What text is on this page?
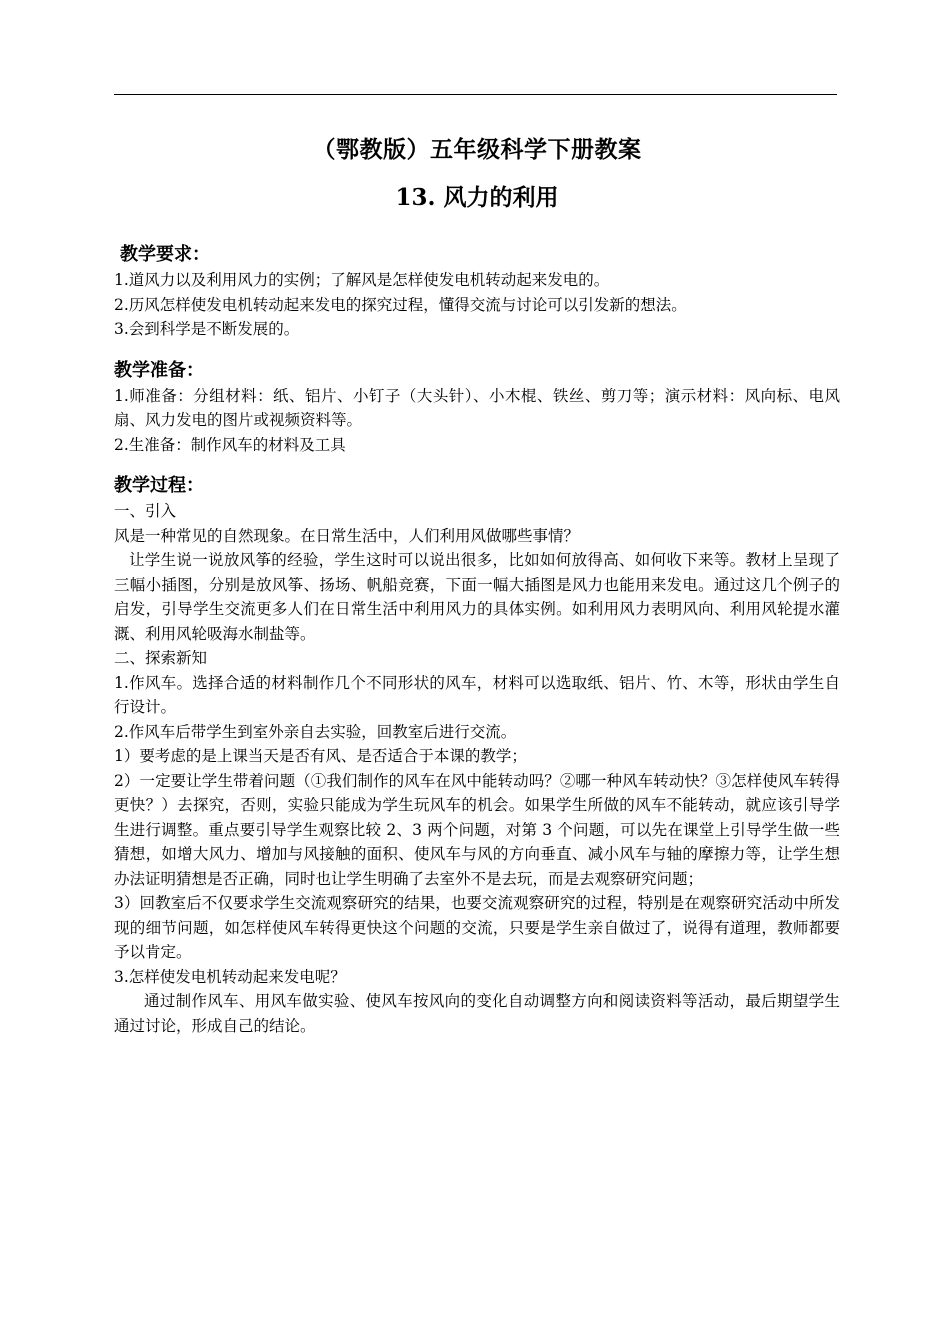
（鄂教版）五年级科学下册教案
13. 风力的利用
教学要求：

1.道风力以及利用风力的实例；了解风是怎样使发电机转动起来发电的。

2.历风怎样使发电机转动起来发电的探究过程，懂得交流与讨论可以引发新的想法。

3.会到科学是不断发展的。

教学准备：

1.师准备：分组材料：纸、铝片、小钉子（大头针）、小木棍、铁丝、剪刀等；演示材料：风向标、电风扇、风力发电的图片或视频资料等。

2.生准备：制作风车的材料及工具

教学过程：

一、引入

风是一种常见的自然现象。在日常生活中，人们利用风做哪些事情？

让学生说一说放风筝的经验，学生这时可以说出很多，比如如何放得高、如何收下来等。教材上呈现了三幅小插图，分别是放风筝、扬场、帆船竞赛，下面一幅大插图是风力也能用来发电。通过这几个例子的启发，引导学生交流更多人们在日常生活中利用风力的具体实例。如利用风力表明风向、利用风轮提水灌溉、利用风轮吸海水制盐等。

二、探索新知

1.作风车。选择合适的材料制作几个不同形状的风车，材料可以选取纸、铝片、竹、木等，形状由学生自行设计。

2.作风车后带学生到室外亲自去实验，回教室后进行交流。

1）要考虑的是上课当天是否有风、是否适合于本课的教学；

2）一定要让学生带着问题（①我们制作的风车在风中能转动吗？②哪一种风车转动快？③怎样使风车转得更快？）去探究，否则，实验只能成为学生玩风车的机会。如果学生所做的风车不能转动，就应该引导学生进行调整。重点要引导学生观察比较 2、3 两个问题，对第 3 个问题，可以先在课堂上引导学生做一些猜想，如增大风力、增加与风接触的面积、使风车与风的方向垂直、减小风车与轴的摩擦力等，让学生想办法证明猜想是否正确，同时也让学生明确了去室外不是去玩，而是去观察研究问题；

3）回教室后不仅要求学生交流观察研究的结果，也要交流观察研究的过程，特别是在观察研究活动中所发现的细节问题，如怎样使风车转得更快这个问题的交流，只要是学生亲自做过了，说得有道理，教师都要予以肯定。

3.怎样使发电机转动起来发电呢？

通过制作风车、用风车做实验、使风车按风向的变化自动调整方向和阅读资料等活动，最后期望学生通过讨论，形成自己的结论。
